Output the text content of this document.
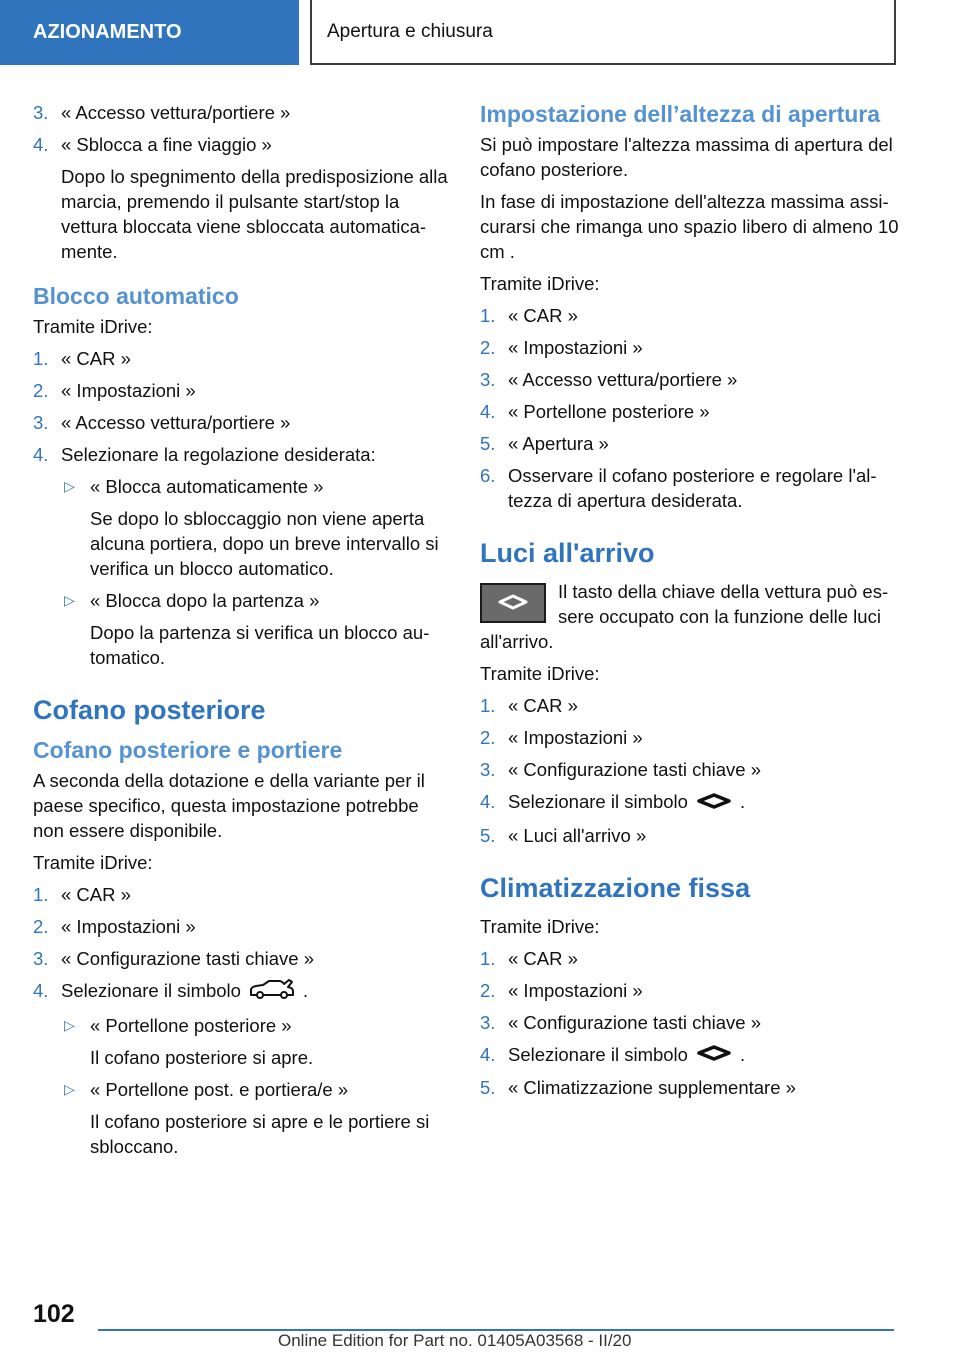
AZIONAMENTO	Apertura e chiusura
3. « Accesso vettura/portiere »
4. « Sblocca a fine viaggio »
Dopo lo spegnimento della predisposizione alla marcia, premendo il pulsante start/stop la vettura bloccata viene sbloccata automatica-mente.
Blocco automatico
Tramite iDrive:
1. « CAR »
2. « Impostazioni »
3. « Accesso vettura/portiere »
4. Selezionare la regolazione desiderata:
▷ « Blocca automaticamente »
Se dopo lo sbloccaggio non viene aperta alcuna portiera, dopo un breve intervallo si verifica un blocco automatico.
▷ « Blocca dopo la partenza »
Dopo la partenza si verifica un blocco au-tomatico.
Cofano posteriore
Cofano posteriore e portiere
A seconda della dotazione e della variante per il paese specifico, questa impostazione potrebbe non essere disponibile.
Tramite iDrive:
1. « CAR »
2. « Impostazioni »
3. « Configurazione tasti chiave »
4. Selezionare il simbolo	.
▷ « Portellone posteriore »
Il cofano posteriore si apre.
▷ « Portellone post. e portiera/e »
Il cofano posteriore si apre e le portiere si sbloccano.
Impostazione dell’altezza di apertura
Si può impostare l'altezza massima di apertura del cofano posteriore.
In fase di impostazione dell'altezza massima assi-curarsi che rimanga uno spazio libero di almeno 10 cm .
Tramite iDrive:
1. « CAR »
2. « Impostazioni »
3. « Accesso vettura/portiere »
4. « Portellone posteriore »
5. « Apertura »
6. Osservare il cofano posteriore e regolare l'al-tezza di apertura desiderata.
Luci all'arrivo
Il tasto della chiave della vettura può es-sere occupato con la funzione delle luci all'arrivo.
Tramite iDrive:
1. « CAR »
2. « Impostazioni »
3. « Configurazione tasti chiave »
4. Selezionare il simbolo	.
5. « Luci all'arrivo »
Climatizzazione fissa
Tramite iDrive:
1. « CAR »
2. « Impostazioni »
3. « Configurazione tasti chiave »
4. Selezionare il simbolo	.
5. « Climatizzazione supplementare »
102
Online Edition for Part no. 01405A03568 - II/20
